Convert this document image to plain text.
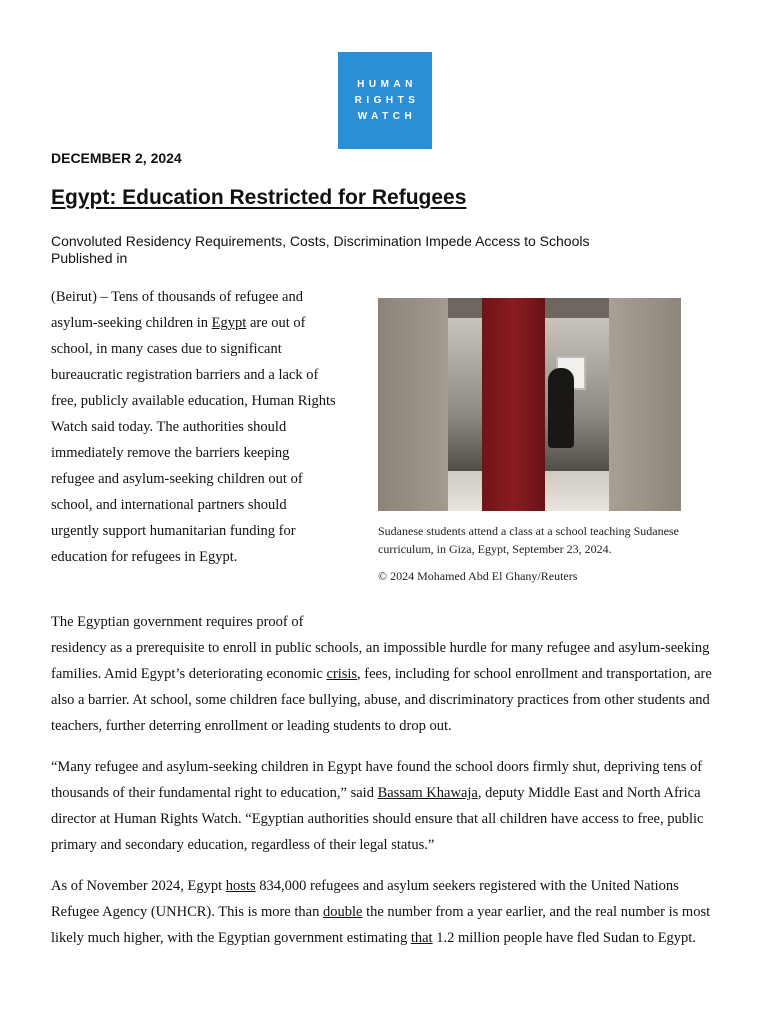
HUMAN
RIGHTS
WATCH
DECEMBER 2, 2024
Egypt: Education Restricted for Refugees
Convoluted Residency Requirements, Costs, Discrimination Impede Access to Schools
Published in
(Beirut) – Tens of thousands of refugee and asylum-seeking children in Egypt are out of school, in many cases due to significant bureaucratic registration barriers and a lack of free, publicly available education, Human Rights Watch said today. The authorities should immediately remove the barriers keeping refugee and asylum-seeking children out of school, and international partners should urgently support humanitarian funding for education for refugees in Egypt.
Sudanese students attend a class at a school teaching Sudanese curriculum, in Giza, Egypt, September 23, 2024.
© 2024 Mohamed Abd El Ghany/Reuters
The Egyptian government requires proof of
residency as a prerequisite to enroll in public schools, an impossible hurdle for many refugee and asylum-seeking families. Amid Egypt’s deteriorating economic crisis, fees, including for school enrollment and transportation, are also a barrier. At school, some children face bullying, abuse, and discriminatory practices from other students and teachers, further deterring enrollment or leading students to drop out.
“Many refugee and asylum-seeking children in Egypt have found the school doors firmly shut, depriving tens of thousands of their fundamental right to education,” said Bassam Khawaja, deputy Middle East and North Africa director at Human Rights Watch. “Egyptian authorities should ensure that all children have access to free, public primary and secondary education, regardless of their legal status.”
As of November 2024, Egypt hosts 834,000 refugees and asylum seekers registered with the United Nations Refugee Agency (UNHCR). This is more than double the number from a year earlier, and the real number is most likely much higher, with the Egyptian government estimating that 1.2 million people have fled Sudan to Egypt.
